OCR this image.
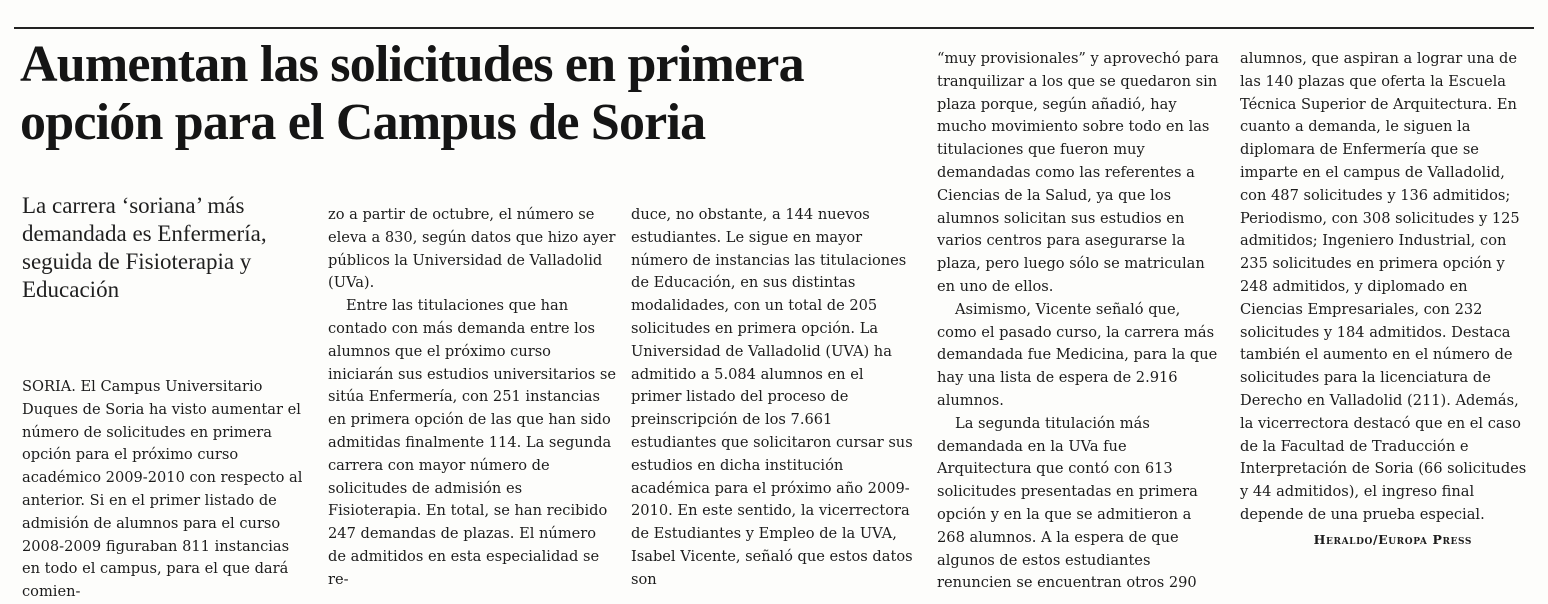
Aumentan las solicitudes en primera opción para el Campus de Soria

La carrera ‘soriana’ más demandada es Enfermería, seguida de Fisioterapia y Educación

SORIA. El Campus Universitario Duques de Soria ha visto aumentar el número de solicitudes en primera opción para el próximo curso académico 2009-2010 con respecto al anterior. Si en el primer listado de admisión de alumnos para el curso 2008-2009 figuraban 811 instancias en todo el campus, para el que dará comien-

zo a partir de octubre, el número se eleva a 830, según datos que hizo ayer públicos la Universidad de Valladolid (UVa).

Entre las titulaciones que han contado con más demanda entre los alumnos que el próximo curso iniciarán sus estudios universitarios se sitúa Enfermería, con 251 instancias en primera opción de las que han sido admitidas finalmente 114. La segunda carrera con mayor número de solicitudes de admisión es Fisioterapia. En total, se han recibido 247 demandas de plazas. El número de admitidos en esta especialidad se re-

duce, no obstante, a 144 nuevos estudiantes. Le sigue en mayor número de instancias las titulaciones de Educación, en sus distintas modalidades, con un total de 205 solicitudes en primera opción. La Universidad de Valladolid (UVA) ha admitido a 5.084 alumnos en el primer listado del proceso de preinscripción de los 7.661 estudiantes que solicitaron cursar sus estudios en dicha institución académica para el próximo año 2009-2010. En este sentido, la vicerrectora de Estudiantes y Empleo de la UVA, Isabel Vicente, señaló que estos datos son

“muy provisionales” y aprovechó para tranquilizar a los que se quedaron sin plaza porque, según añadió, hay mucho movimiento sobre todo en las titulaciones que fueron muy demandadas como las referentes a Ciencias de la Salud, ya que los alumnos solicitan sus estudios en varios centros para asegurarse la plaza, pero luego sólo se matriculan en uno de ellos.

Asimismo, Vicente señaló que, como el pasado curso, la carrera más demandada fue Medicina, para la que hay una lista de espera de 2.916 alumnos.

La segunda titulación más demandada en la UVa fue Arquitectura que contó con 613 solicitudes presentadas en primera opción y en la que se admitieron a 268 alumnos. A la espera de que algunos de estos estudiantes renuncien se encuentran otros 290

alumnos, que aspiran a lograr una de las 140 plazas que oferta la Escuela Técnica Superior de Arquitectura. En cuanto a demanda, le siguen la diplomara de Enfermería que se imparte en el campus de Valladolid, con 487 solicitudes y 136 admitidos; Periodismo, con 308 solicitudes y 125 admitidos; Ingeniero Industrial, con 235 solicitudes en primera opción y 248 admitidos, y diplomado en Ciencias Empresariales, con 232 solicitudes y 184 admitidos. Destaca también el aumento en el número de solicitudes para la licenciatura de Derecho en Valladolid (211). Además, la vicerrectora destacó que en el caso de la Facultad de Traducción e Interpretación de Soria (66 solicitudes y 44 admitidos), el ingreso final depende de una prueba especial.

Heraldo/Europa Press
